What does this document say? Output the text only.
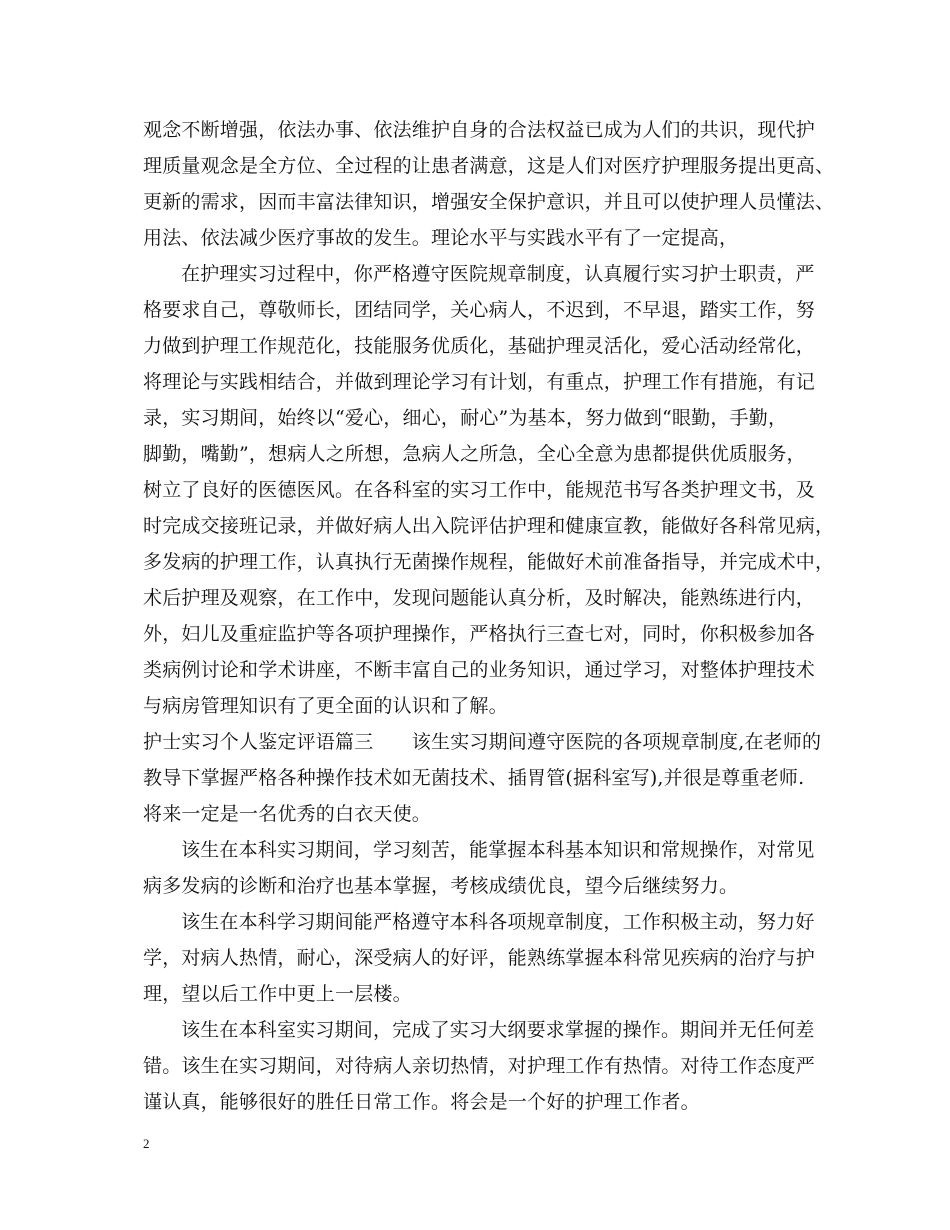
观念不断增强，依法办事、依法维护自身的合法权益已成为人们的共识，现代护
理质量观念是全方位、全过程的让患者满意，这是人们对医疗护理服务提出更高、
更新的需求，因而丰富法律知识，增强安全保护意识，并且可以使护理人员懂法、
用法、依法减少医疗事故的发生。理论水平与实践水平有了一定提高，
在护理实习过程中，你严格遵守医院规章制度，认真履行实习护士职责，严
格要求自己，尊敬师长，团结同学，关心病人，不迟到，不早退，踏实工作，努
力做到护理工作规范化，技能服务优质化，基础护理灵活化，爱心活动经常化，
将理论与实践相结合，并做到理论学习有计划，有重点，护理工作有措施，有记
录，实习期间，始终以“爱心，细心，耐心”为基本，努力做到“眼勤，手勤，
脚勤，嘴勤”，想病人之所想，急病人之所急，全心全意为患都提供优质服务，
树立了良好的医德医风。在各科室的实习工作中，能规范书写各类护理文书，及
时完成交接班记录，并做好病人出入院评估护理和健康宣教，能做好各科常见病，
多发病的护理工作，认真执行无菌操作规程，能做好术前准备指导，并完成术中，
术后护理及观察，在工作中，发现问题能认真分析，及时解决，能熟练进行内，
外，妇儿及重症监护等各项护理操作，严格执行三查七对，同时，你积极参加各
类病例讨论和学术讲座，不断丰富自己的业务知识，通过学习，对整体护理技术
与病房管理知识有了更全面的认识和了解。
护士实习个人鉴定评语篇三　　该生实习期间遵守医院的各项规章制度,在老师的
教导下掌握严格各种操作技术如无菌技术、插胃管(据科室写),并很是尊重老师.
将来一定是一名优秀的白衣天使。
该生在本科实习期间，学习刻苦，能掌握本科基本知识和常规操作，对常见
病多发病的诊断和治疗也基本掌握，考核成绩优良，望今后继续努力。
该生在本科学习期间能严格遵守本科各项规章制度，工作积极主动，努力好
学，对病人热情，耐心，深受病人的好评，能熟练掌握本科常见疾病的治疗与护
理，望以后工作中更上一层楼。
该生在本科室实习期间，完成了实习大纲要求掌握的操作。期间并无任何差
错。该生在实习期间，对待病人亲切热情，对护理工作有热情。对待工作态度严
谨认真，能够很好的胜任日常工作。将会是一个好的护理工作者。
2
